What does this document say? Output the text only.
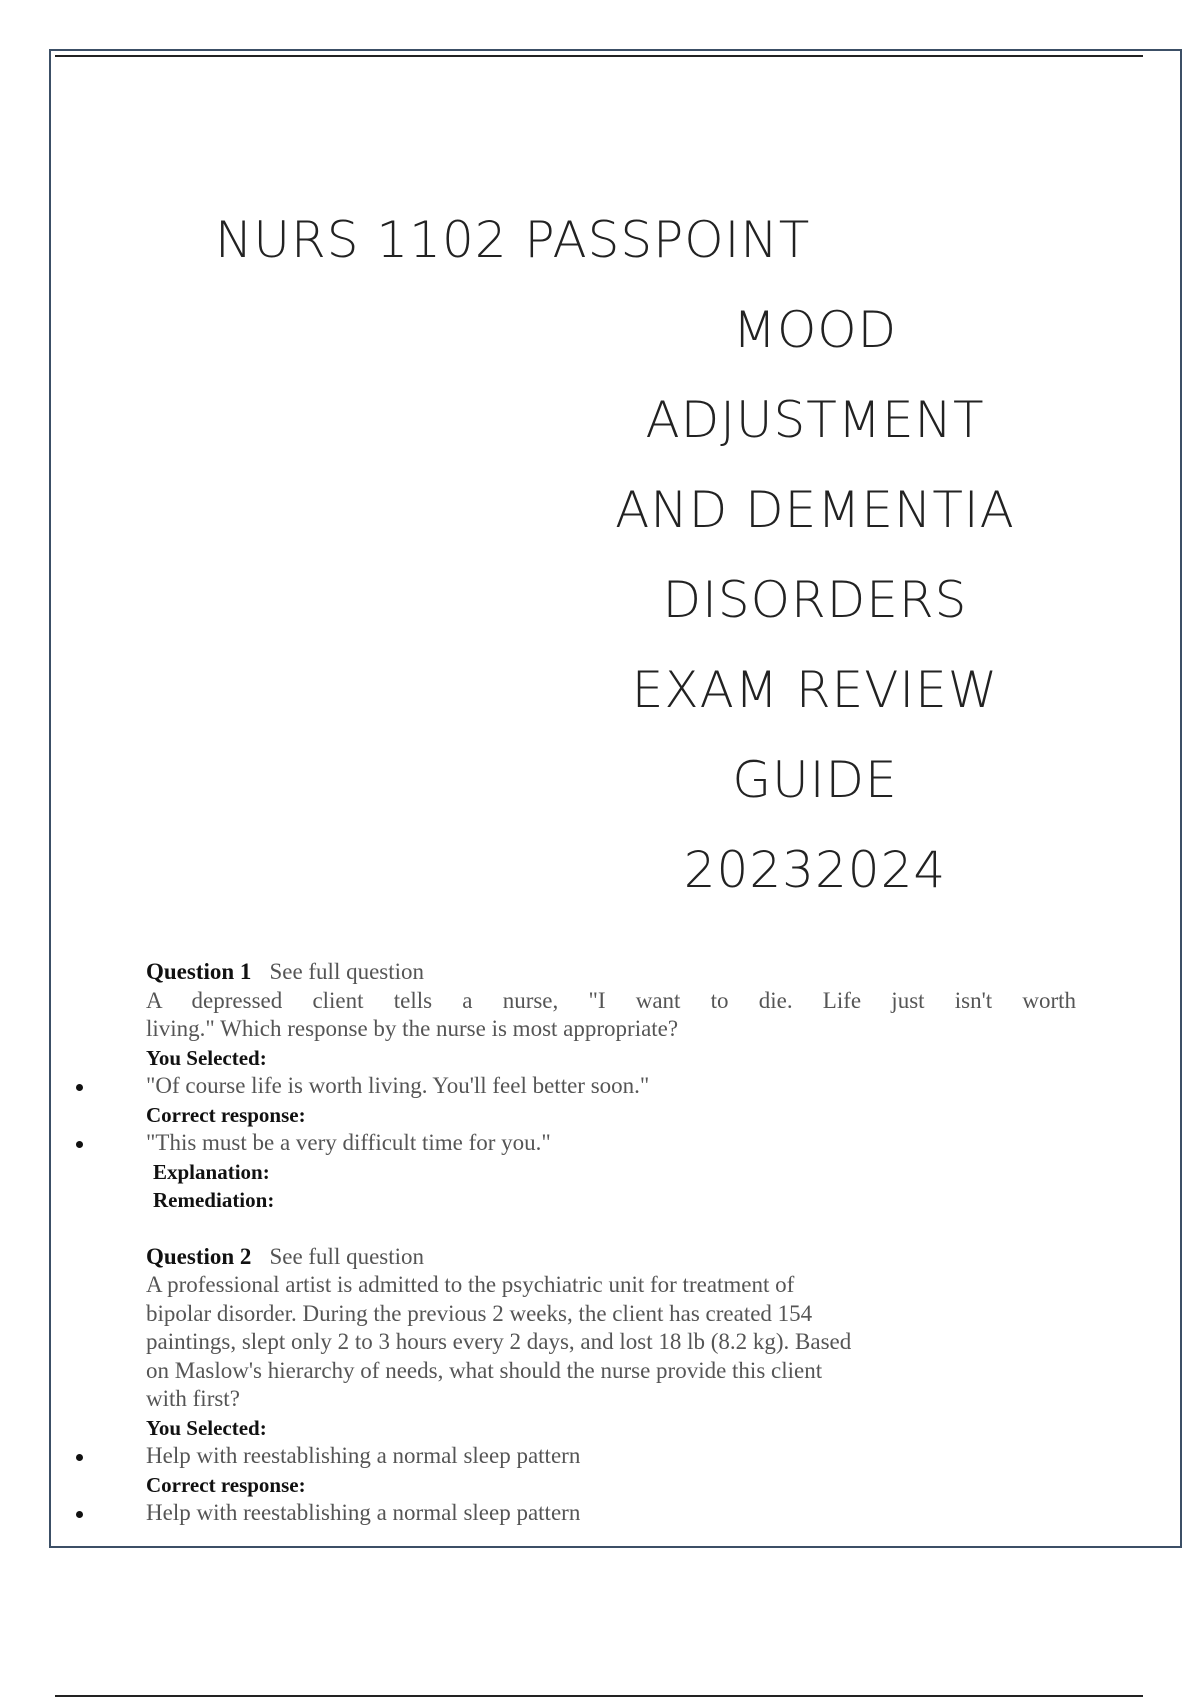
NURS 1102 PASSPOINT
MOOD
ADJUSTMENT
AND DEMENTIA
DISORDERS
EXAM REVIEW
GUIDE
20232024
Question 1 See full question
A depressed client tells a nurse, "I want to die. Life just isn't worth
living." Which response by the nurse is most appropriate?
You Selected:
"Of course life is worth living. You'll feel better soon."
Correct response:
"This must be a very difficult time for you."
Explanation:
Remediation:
Question 2 See full question
A professional artist is admitted to the psychiatric unit for treatment of
bipolar disorder. During the previous 2 weeks, the client has created 154
paintings, slept only 2 to 3 hours every 2 days, and lost 18 lb (8.2 kg). Based
on Maslow's hierarchy of needs, what should the nurse provide this client
with first?
You Selected:
Help with reestablishing a normal sleep pattern
Correct response:
Help with reestablishing a normal sleep pattern
